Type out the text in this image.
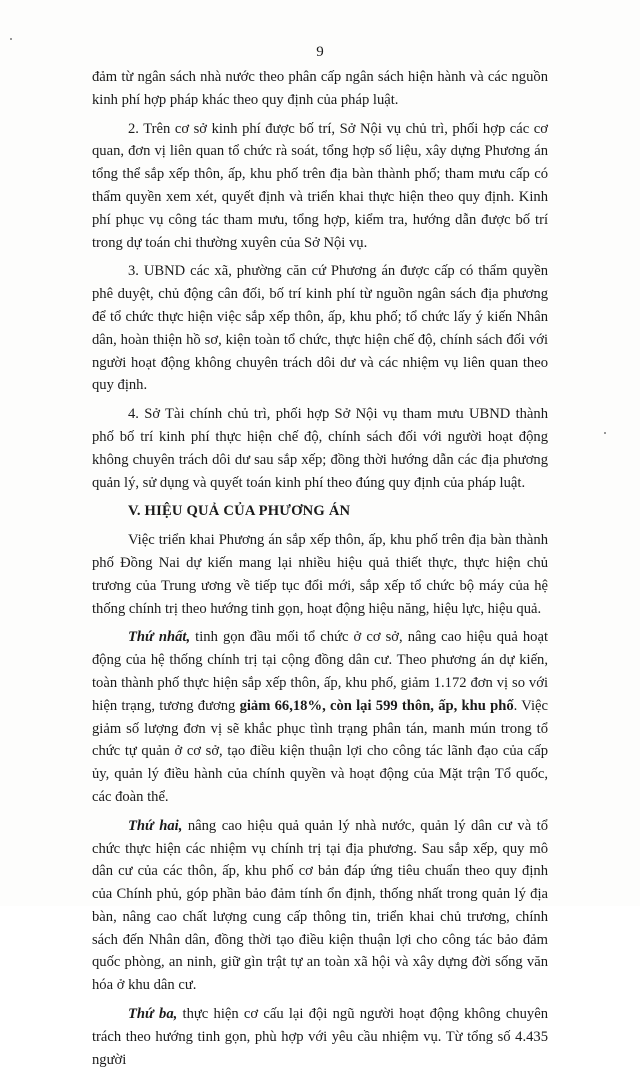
9

đảm từ ngân sách nhà nước theo phân cấp ngân sách hiện hành và các nguồn kinh phí hợp pháp khác theo quy định của pháp luật.

2. Trên cơ sở kinh phí được bố trí, Sở Nội vụ chủ trì, phối hợp các cơ quan, đơn vị liên quan tổ chức rà soát, tổng hợp số liệu, xây dựng Phương án tổng thể sắp xếp thôn, ấp, khu phố trên địa bàn thành phố; tham mưu cấp có thẩm quyền xem xét, quyết định và triển khai thực hiện theo quy định. Kinh phí phục vụ công tác tham mưu, tổng hợp, kiểm tra, hướng dẫn được bố trí trong dự toán chi thường xuyên của Sở Nội vụ.

3. UBND các xã, phường căn cứ Phương án được cấp có thẩm quyền phê duyệt, chủ động cân đối, bố trí kinh phí từ nguồn ngân sách địa phương để tổ chức thực hiện việc sắp xếp thôn, ấp, khu phố; tổ chức lấy ý kiến Nhân dân, hoàn thiện hồ sơ, kiện toàn tổ chức, thực hiện chế độ, chính sách đối với người hoạt động không chuyên trách dôi dư và các nhiệm vụ liên quan theo quy định.

4. Sở Tài chính chủ trì, phối hợp Sở Nội vụ tham mưu UBND thành phố bố trí kinh phí thực hiện chế độ, chính sách đối với người hoạt động không chuyên trách dôi dư sau sắp xếp; đồng thời hướng dẫn các địa phương quản lý, sử dụng và quyết toán kinh phí theo đúng quy định của pháp luật.

V. HIỆU QUẢ CỦA PHƯƠNG ÁN

Việc triển khai Phương án sắp xếp thôn, ấp, khu phố trên địa bàn thành phố Đồng Nai dự kiến mang lại nhiều hiệu quả thiết thực, thực hiện chủ trương của Trung ương về tiếp tục đổi mới, sắp xếp tổ chức bộ máy của hệ thống chính trị theo hướng tinh gọn, hoạt động hiệu năng, hiệu lực, hiệu quả.

Thứ nhất, tinh gọn đầu mối tổ chức ở cơ sở, nâng cao hiệu quả hoạt động của hệ thống chính trị tại cộng đồng dân cư. Theo phương án dự kiến, toàn thành phố thực hiện sắp xếp thôn, ấp, khu phố, giảm 1.172 đơn vị so với hiện trạng, tương đương giảm 66,18%, còn lại 599 thôn, ấp, khu phố. Việc giảm số lượng đơn vị sẽ khắc phục tình trạng phân tán, manh mún trong tổ chức tự quản ở cơ sở, tạo điều kiện thuận lợi cho công tác lãnh đạo của cấp ủy, quản lý điều hành của chính quyền và hoạt động của Mặt trận Tổ quốc, các đoàn thể.

Thứ hai, nâng cao hiệu quả quản lý nhà nước, quản lý dân cư và tổ chức thực hiện các nhiệm vụ chính trị tại địa phương. Sau sắp xếp, quy mô dân cư của các thôn, ấp, khu phố cơ bản đáp ứng tiêu chuẩn theo quy định của Chính phủ, góp phần bảo đảm tính ổn định, thống nhất trong quản lý địa bàn, nâng cao chất lượng cung cấp thông tin, triển khai chủ trương, chính sách đến Nhân dân, đồng thời tạo điều kiện thuận lợi cho công tác bảo đảm quốc phòng, an ninh, giữ gìn trật tự an toàn xã hội và xây dựng đời sống văn hóa ở khu dân cư.

Thứ ba, thực hiện cơ cấu lại đội ngũ người hoạt động không chuyên trách theo hướng tinh gọn, phù hợp với yêu cầu nhiệm vụ. Từ tổng số 4.435 người
